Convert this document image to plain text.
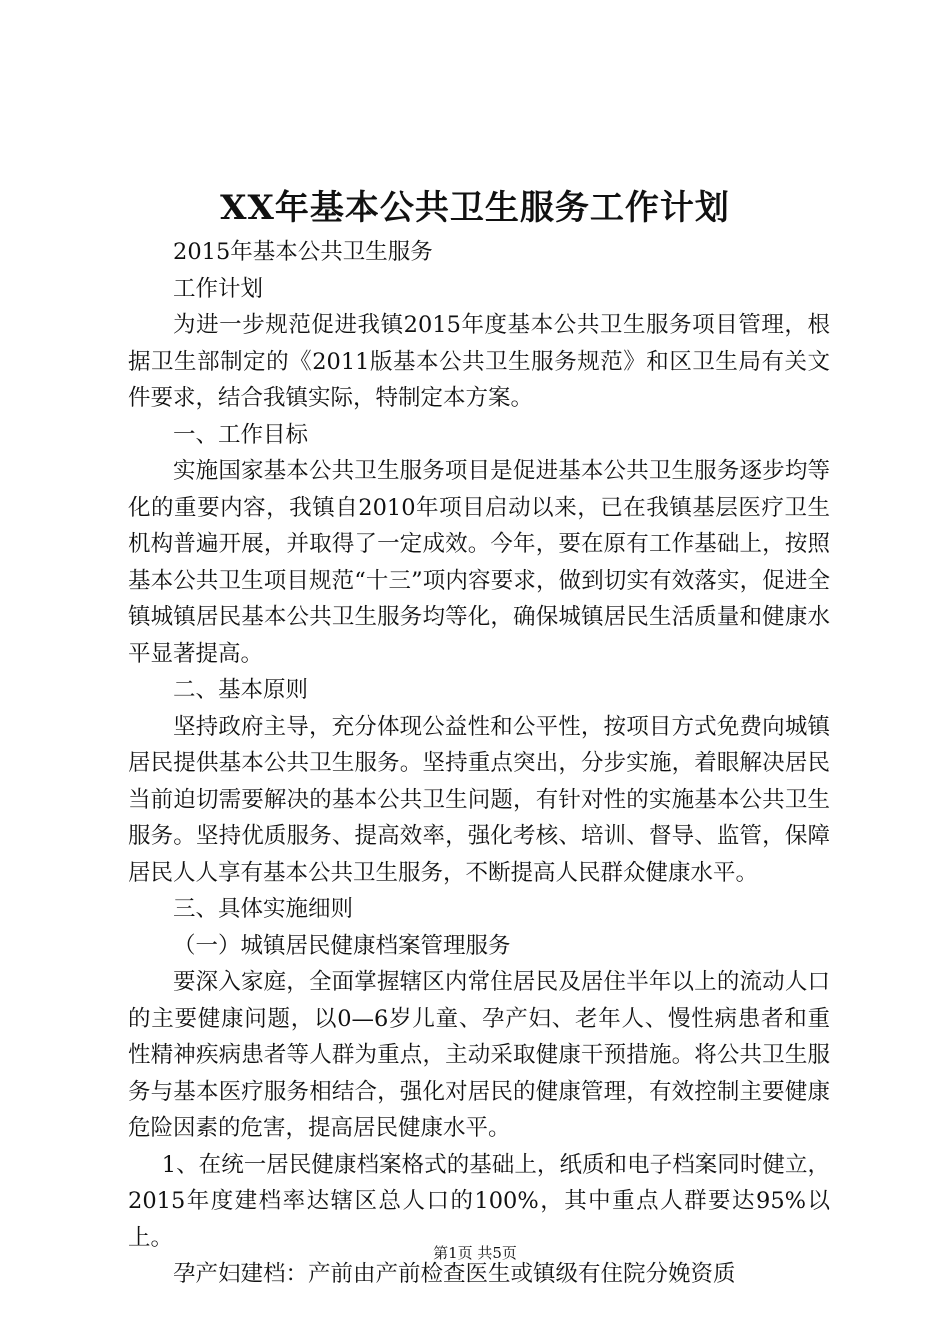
XX年基本公共卫生服务工作计划

2015年基本公共卫生服务

工作计划

为进一步规范促进我镇2015年度基本公共卫生服务项目管理，根据卫生部制定的《2011版基本公共卫生服务规范》和区卫生局有关文件要求，结合我镇实际，特制定本方案。

一、工作目标

实施国家基本公共卫生服务项目是促进基本公共卫生服务逐步均等化的重要内容，我镇自2010年项目启动以来，已在我镇基层医疗卫生机构普遍开展，并取得了一定成效。今年，要在原有工作基础上，按照基本公共卫生项目规范“十三”项内容要求，做到切实有效落实，促进全镇城镇居民基本公共卫生服务均等化，确保城镇居民生活质量和健康水平显著提高。

二、基本原则

坚持政府主导，充分体现公益性和公平性，按项目方式免费向城镇居民提供基本公共卫生服务。坚持重点突出，分步实施，着眼解决居民当前迫切需要解决的基本公共卫生问题，有针对性的实施基本公共卫生服务。坚持优质服务、提高效率，强化考核、培训、督导、监管，保障居民人人享有基本公共卫生服务，不断提高人民群众健康水平。

三、具体实施细则

（一）城镇居民健康档案管理服务

要深入家庭，全面掌握辖区内常住居民及居住半年以上的流动人口的主要健康问题，以0—6岁儿童、孕产妇、老年人、慢性病患者和重性精神疾病患者等人群为重点，主动采取健康干预措施。将公共卫生服务与基本医疗服务相结合，强化对居民的健康管理，有效控制主要健康危险因素的危害，提高居民健康水平。

1、在统一居民健康档案格式的基础上，纸质和电子档案同时健立，2015年度建档率达辖区总人口的100%，其中重点人群要达95%以上。

孕产妇建档：产前由产前检查医生或镇级有住院分娩资质

第1页 共5页
